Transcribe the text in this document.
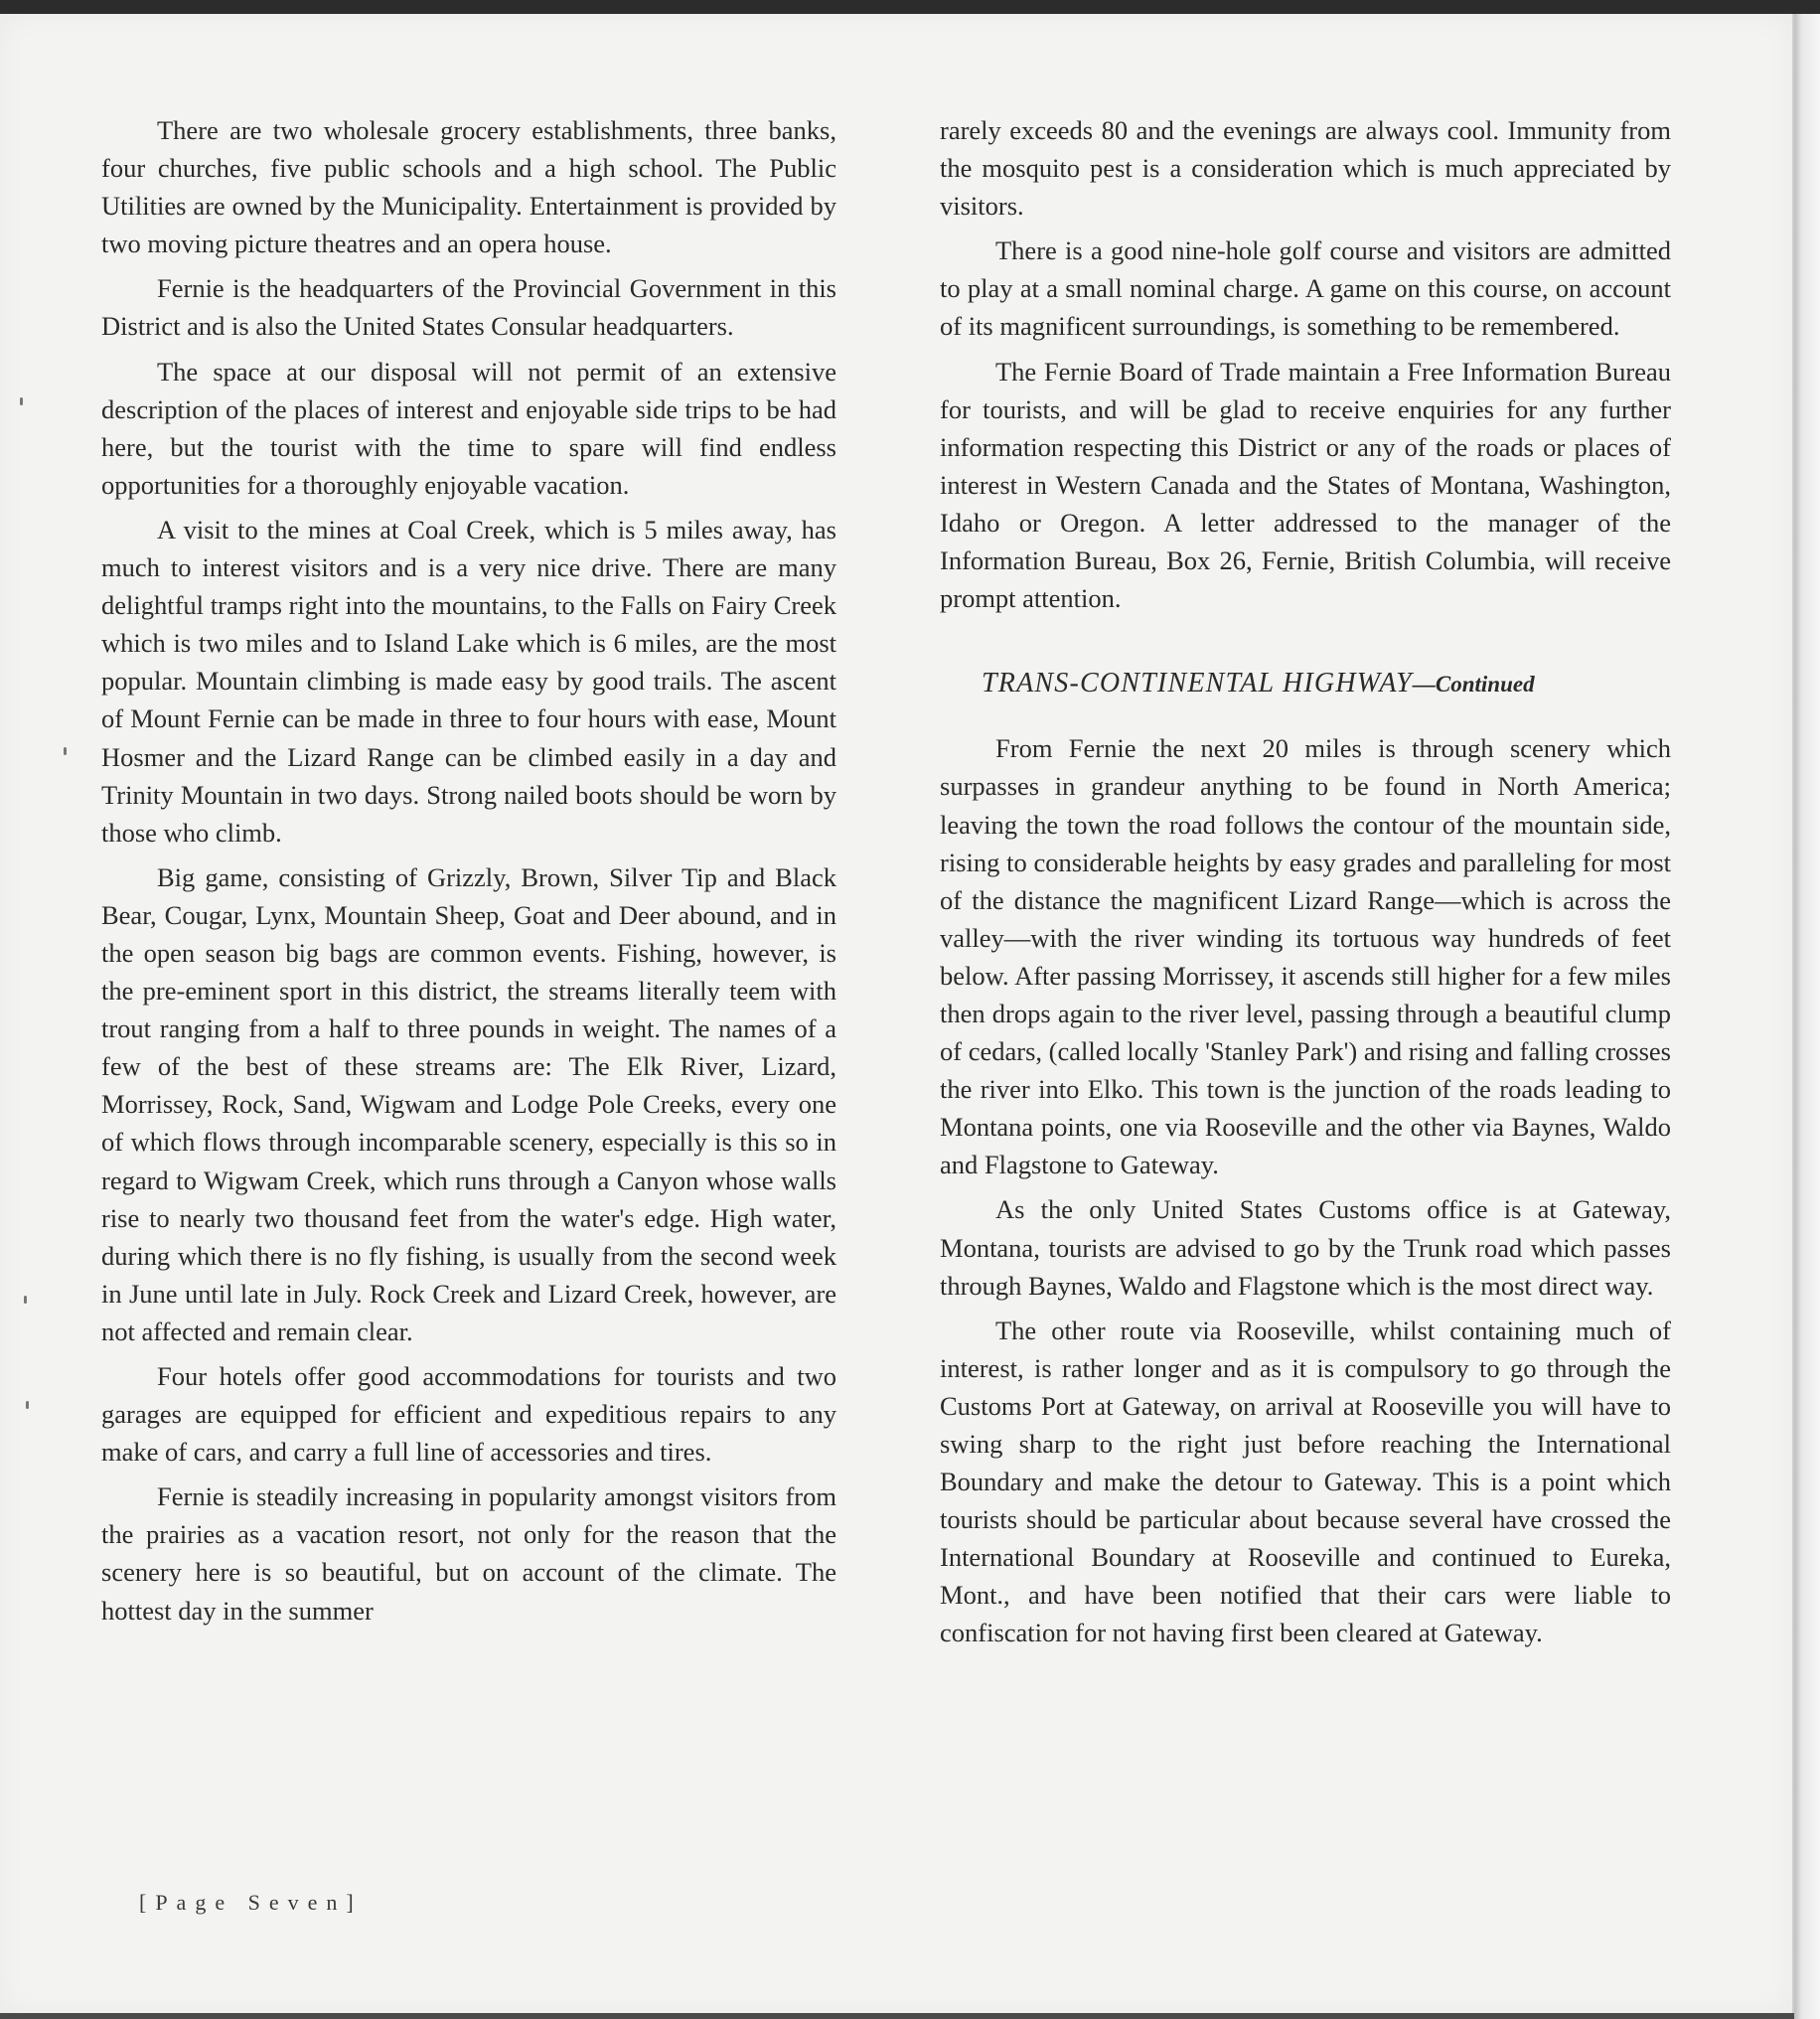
There are two wholesale grocery establishments, three banks, four churches, five public schools and a high school. The Public Utilities are owned by the Municipality. Entertainment is provided by two moving picture theatres and an opera house.

Fernie is the headquarters of the Provincial Government in this District and is also the United States Consular headquarters.

The space at our disposal will not permit of an extensive description of the places of interest and enjoyable side trips to be had here, but the tourist with the time to spare will find endless opportunities for a thoroughly enjoyable vacation.

A visit to the mines at Coal Creek, which is 5 miles away, has much to interest visitors and is a very nice drive. There are many delightful tramps right into the mountains, to the Falls on Fairy Creek which is two miles and to Island Lake which is 6 miles, are the most popular. Mountain climbing is made easy by good trails. The ascent of Mount Fernie can be made in three to four hours with ease, Mount Hosmer and the Lizard Range can be climbed easily in a day and Trinity Mountain in two days. Strong nailed boots should be worn by those who climb.

Big game, consisting of Grizzly, Brown, Silver Tip and Black Bear, Cougar, Lynx, Mountain Sheep, Goat and Deer abound, and in the open season big bags are common events. Fishing, however, is the pre-eminent sport in this district, the streams literally teem with trout ranging from a half to three pounds in weight. The names of a few of the best of these streams are: The Elk River, Lizard, Morrissey, Rock, Sand, Wigwam and Lodge Pole Creeks, every one of which flows through incomparable scenery, especially is this so in regard to Wigwam Creek, which runs through a Canyon whose walls rise to nearly two thousand feet from the water's edge. High water, during which there is no fly fishing, is usually from the second week in June until late in July. Rock Creek and Lizard Creek, however, are not affected and remain clear.

Four hotels offer good accommodations for tourists and two garages are equipped for efficient and expeditious repairs to any make of cars, and carry a full line of accessories and tires.

Fernie is steadily increasing in popularity amongst visitors from the prairies as a vacation resort, not only for the reason that the scenery here is so beautiful, but on account of the climate. The hottest day in the summer

rarely exceeds 80 and the evenings are always cool. Immunity from the mosquito pest is a consideration which is much appreciated by visitors.

There is a good nine-hole golf course and visitors are admitted to play at a small nominal charge. A game on this course, on account of its magnificent surroundings, is something to be remembered.

The Fernie Board of Trade maintain a Free Information Bureau for tourists, and will be glad to receive enquiries for any further information respecting this District or any of the roads or places of interest in Western Canada and the States of Montana, Washington, Idaho or Oregon. A letter addressed to the manager of the Information Bureau, Box 26, Fernie, British Columbia, will receive prompt attention.

TRANS-CONTINENTAL HIGHWAY—Continued

From Fernie the next 20 miles is through scenery which surpasses in grandeur anything to be found in North America; leaving the town the road follows the contour of the mountain side, rising to considerable heights by easy grades and paralleling for most of the distance the magnificent Lizard Range—which is across the valley—with the river winding its tortuous way hundreds of feet below. After passing Morrissey, it ascends still higher for a few miles then drops again to the river level, passing through a beautiful clump of cedars, (called locally 'Stanley Park') and rising and falling crosses the river into Elko. This town is the junction of the roads leading to Montana points, one via Rooseville and the other via Baynes, Waldo and Flagstone to Gateway.

As the only United States Customs office is at Gateway, Montana, tourists are advised to go by the Trunk road which passes through Baynes, Waldo and Flagstone which is the most direct way.

The other route via Rooseville, whilst containing much of interest, is rather longer and as it is compulsory to go through the Customs Port at Gateway, on arrival at Rooseville you will have to swing sharp to the right just before reaching the International Boundary and make the detour to Gateway. This is a point which tourists should be particular about because several have crossed the International Boundary at Rooseville and continued to Eureka, Mont., and have been notified that their cars were liable to confiscation for not having first been cleared at Gateway.

[Page Seven]
